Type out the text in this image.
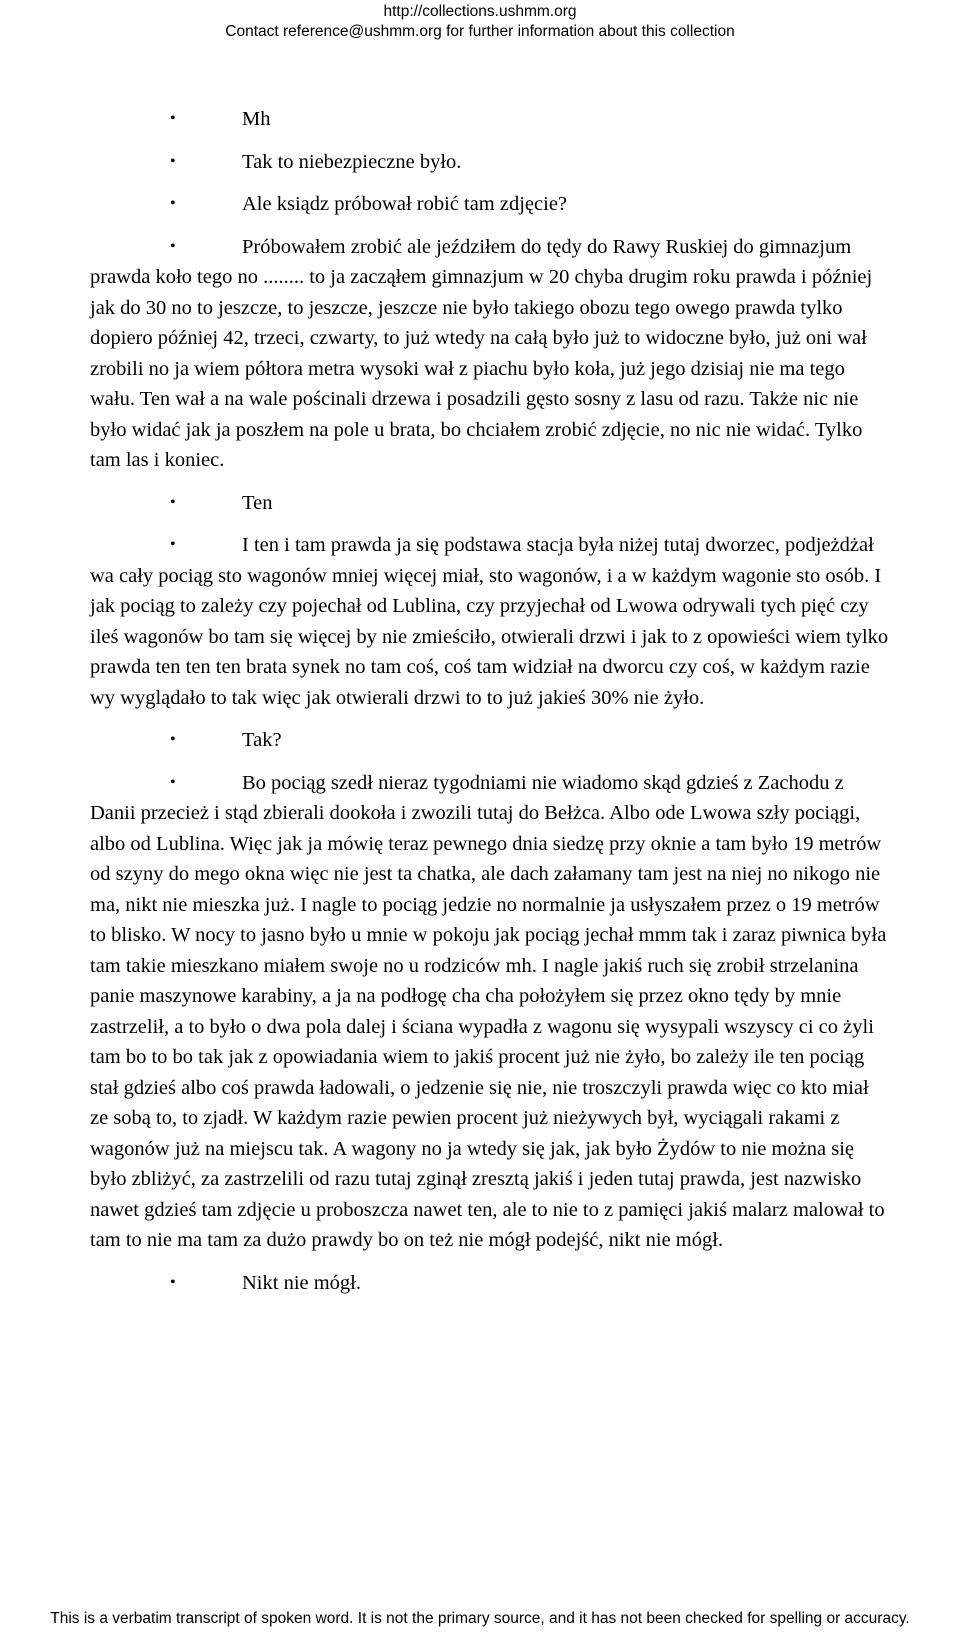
http://collections.ushmm.org
Contact reference@ushmm.org for further information about this collection

•	Mh

•	Tak to niebezpieczne było.

•	Ale ksiądz próbował robić tam zdjęcie?

•	Próbowałem zrobić ale jeździłem do tędy do Rawy Ruskiej do gimnazjum prawda koło tego no ........ to ja zacząłem gimnazjum w 20 chyba drugim roku prawda i później jak do 30 no to jeszcze, to jeszcze, jeszcze nie było takiego obozu tego owego prawda tylko dopiero później 42, trzeci, czwarty, to już wtedy na całą było już to widoczne było, już oni wał zrobili no ja wiem półtora metra wysoki wał z piachu było koła, już jego dzisiaj nie ma tego wału. Ten wał a na wale pościnali drzewa i posadzili gęsto sosny z lasu od razu. Także nic nie było widać jak ja poszłem na pole u brata, bo chciałem zrobić zdjęcie, no nic nie widać. Tylko tam las i koniec.

•	Ten

•	I ten i tam prawda ja się podstawa stacja była niżej tutaj dworzec, podjeżdżał wa cały pociąg sto wagonów mniej więcej miał, sto wagonów, i a w każdym wagonie sto osób. I jak pociąg to zależy czy pojechał od Lublina, czy przyjechał od Lwowa odrywali tych pięć czy ileś wagonów bo tam się więcej by nie zmieściło, otwierali drzwi i jak to z opowieści wiem tylko prawda ten ten ten brata synek no tam coś, coś tam widział na dworcu czy coś, w każdym razie wy wyglądało to tak więc jak otwierali drzwi to to już jakieś 30% nie żyło.

•	Tak?

•	Bo pociąg szedł nieraz tygodniami nie wiadomo skąd gdzieś z Zachodu z Danii przecież i stąd zbierali dookoła i zwozili tutaj do Bełżca. Albo ode Lwowa szły pociągi, albo od Lublina. Więc jak ja mówię teraz pewnego dnia siedzę przy oknie a tam było 19 metrów od szyny do mego okna więc nie jest ta chatka, ale dach załamany tam jest na niej no nikogo nie ma, nikt nie mieszka już. I nagle to pociąg jedzie no normalnie ja usłyszałem przez o 19 metrów to blisko. W nocy to jasno było u mnie w pokoju jak pociąg jechał mmm tak i zaraz piwnica była tam takie mieszkano miałem swoje no u rodziców mh. I nagle jakiś ruch się zrobił strzelanina panie maszynowe karabiny, a ja na podłogę cha cha położyłem się przez okno tędy by mnie zastrzelił, a to było o dwa pola dalej i ściana wypadła z wagonu się wysypali wszyscy ci co żyli tam bo to bo tak jak z opowiadania wiem to jakiś procent już nie żyło, bo zależy ile ten pociąg stał gdzieś albo coś prawda ładowali, o jedzenie się nie, nie troszczyli prawda więc co kto miał ze sobą to, to zjadł. W każdym razie pewien procent już nieżywych był, wyciągali rakami z wagonów już na miejscu tak. A wagony no ja wtedy się jak, jak było Żydów to nie można się było zbliżyć, za zastrzelili od razu tutaj zginął zresztą jakiś i jeden tutaj prawda, jest nazwisko nawet gdzieś tam zdjęcie u proboszcza nawet ten, ale to nie to z pamięci jakiś malarz malował to tam to nie ma tam za dużo prawdy bo on też nie mógł podejść, nikt nie mógł.

•	Nikt nie mógł.

This is a verbatim transcript of spoken word. It is not the primary source, and it has not been checked for spelling or accuracy.
